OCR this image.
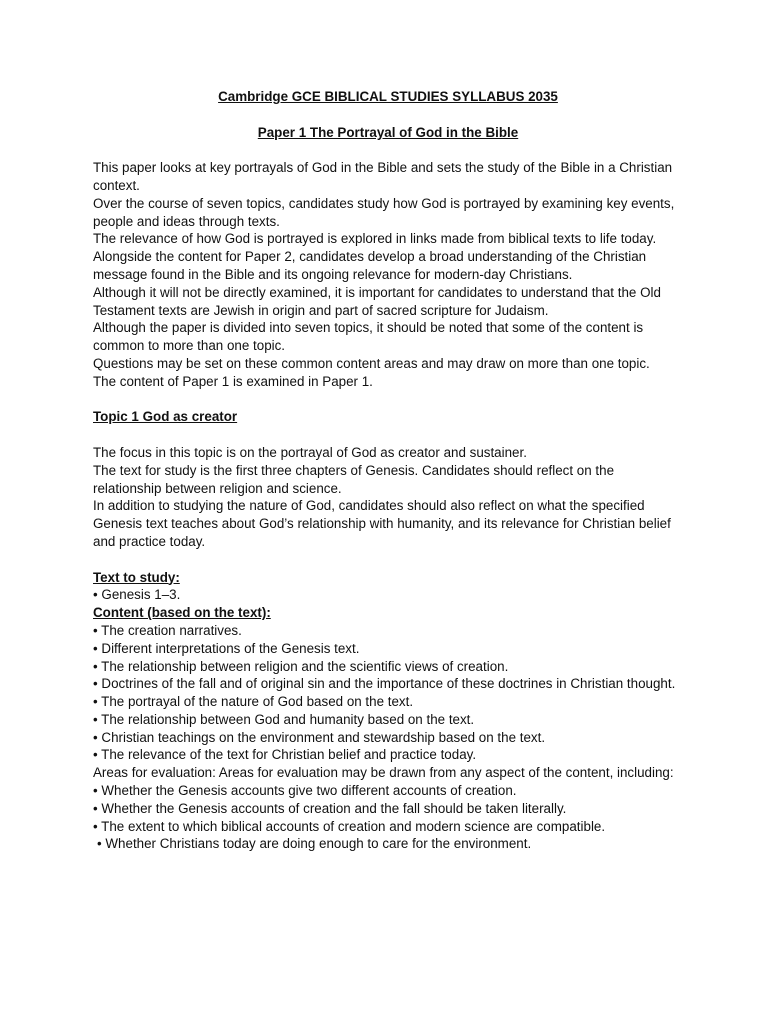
Cambridge GCE BIBLICAL STUDIES SYLLABUS 2035

Paper 1 The Portrayal of God in the Bible

This paper looks at key portrayals of God in the Bible and sets the study of the Bible in a Christian context.

Over the course of seven topics, candidates study how God is portrayed by examining key events, people and ideas through texts.

The relevance of how God is portrayed is explored in links made from biblical texts to life today.

Alongside the content for Paper 2, candidates develop a broad understanding of the Christian message found in the Bible and its ongoing relevance for modern-day Christians.

Although it will not be directly examined, it is important for candidates to understand that the Old Testament texts are Jewish in origin and part of sacred scripture for Judaism.

Although the paper is divided into seven topics, it should be noted that some of the content is common to more than one topic.

Questions may be set on these common content areas and may draw on more than one topic.

The content of Paper 1 is examined in Paper 1.

Topic 1 God as creator

The focus in this topic is on the portrayal of God as creator and sustainer.

The text for study is the first three chapters of Genesis. Candidates should reflect on the relationship between religion and science.

In addition to studying the nature of God, candidates should also reflect on what the specified Genesis text teaches about God’s relationship with humanity, and its relevance for Christian belief and practice today.

Text to study:

• Genesis 1–3.

Content (based on the text):

• The creation narratives.

• Different interpretations of the Genesis text.

• The relationship between religion and the scientific views of creation.

• Doctrines of the fall and of original sin and the importance of these doctrines in Christian thought.

• The portrayal of the nature of God based on the text.

• The relationship between God and humanity based on the text.

• Christian teachings on the environment and stewardship based on the text.

• The relevance of the text for Christian belief and practice today.

Areas for evaluation: Areas for evaluation may be drawn from any aspect of the content, including:

• Whether the Genesis accounts give two different accounts of creation.

• Whether the Genesis accounts of creation and the fall should be taken literally.

• The extent to which biblical accounts of creation and modern science are compatible.

• Whether Christians today are doing enough to care for the environment.
